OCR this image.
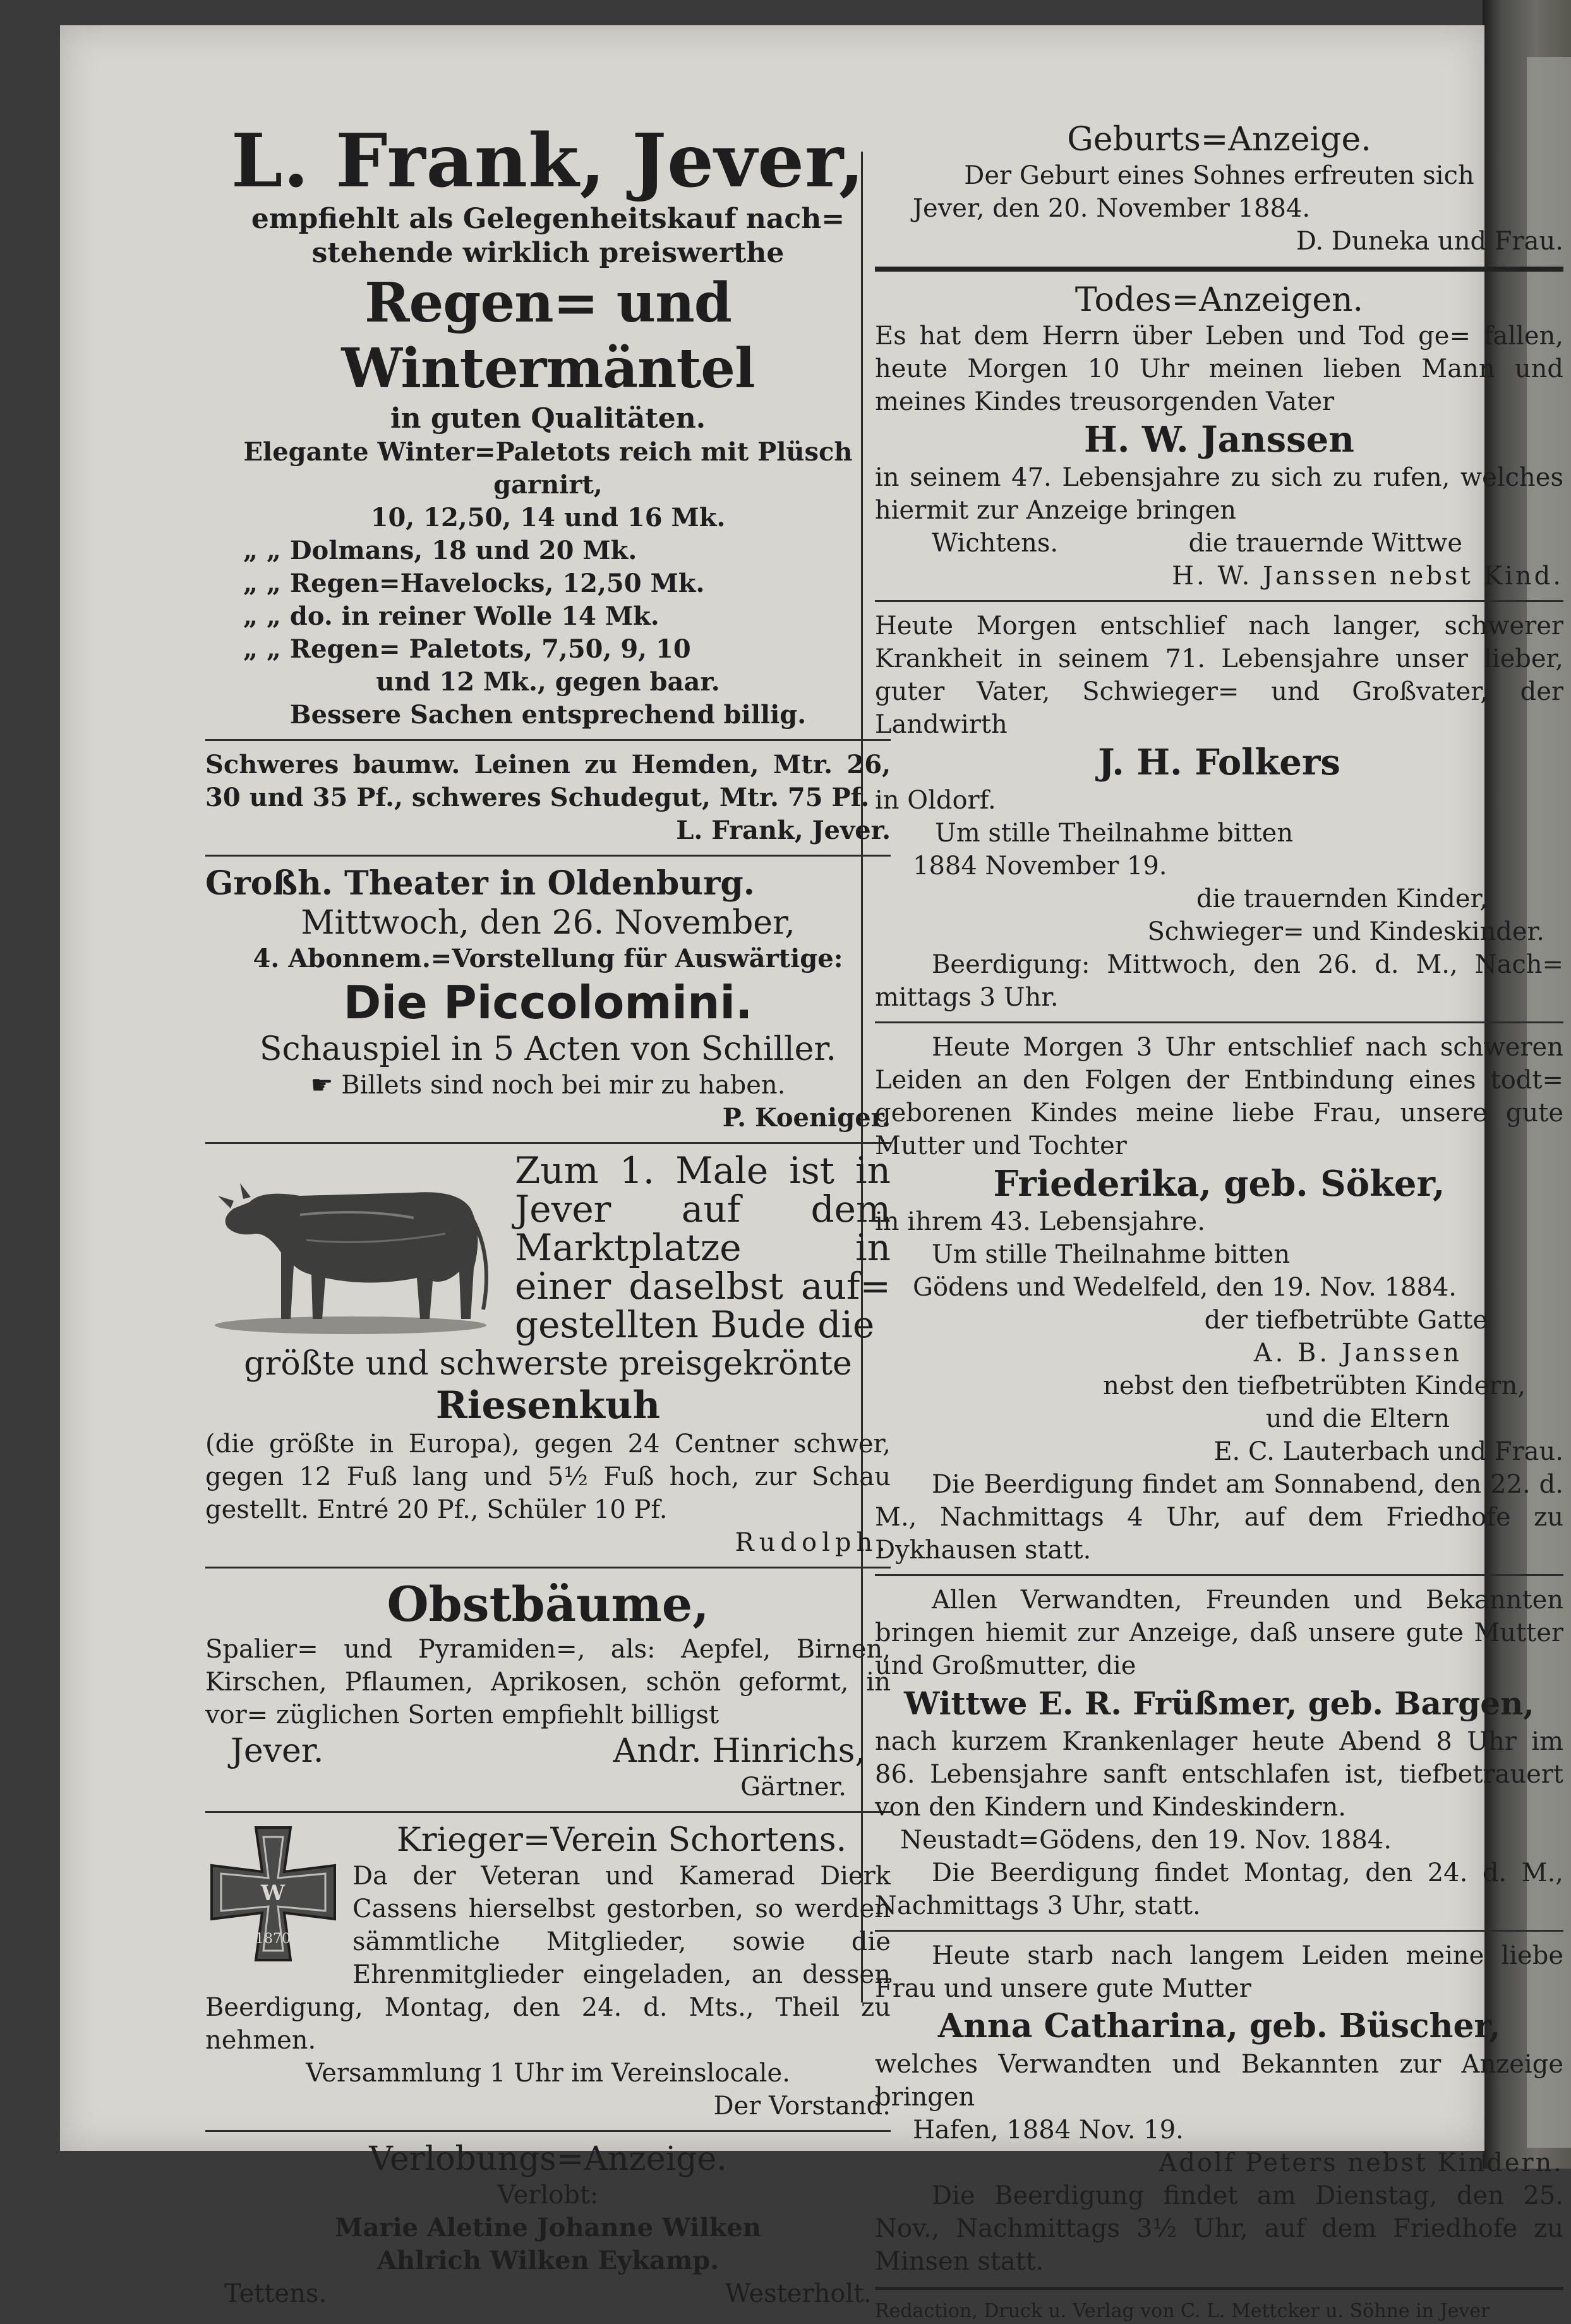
L. Frank, Jever,

empfiehlt als Gelegenheitskauf nach=

stehende wirklich preiswerthe

Regen= und Wintermäntel

in guten Qualitäten.

Elegante Winter=Paletots reich mit Plüsch garnirt,

10, 12,50, 14 und 16 Mk.

„ „ Dolmans, 18 und 20 Mk.

„ „ Regen=Havelocks, 12,50 Mk.

„ „ do. in reiner Wolle 14 Mk.

„ „ Regen= Paletots, 7,50, 9, 10

und 12 Mk., gegen baar.

Bessere Sachen entsprechend billig.

Schweres baumw. Leinen zu Hemden, Mtr. 26, 30 und 35 Pf., schweres Schudegut, Mtr. 75 Pf.

L. Frank, Jever.

Großh. Theater in Oldenburg.

Mittwoch, den 26. November,

4. Abonnem.=Vorstellung für Auswärtige:

Die Piccolomini.

Schauspiel in 5 Acten von Schiller.

☛ Billets sind noch bei mir zu haben.

P. Koeniger.

Zum 1. Male ist in Jever auf dem Marktplatze in einer daselbst auf= gestellten Bude die

größte und schwerste preisgekrönte

Riesenkuh

(die größte in Europa), gegen 24 Centner schwer, gegen 12 Fuß lang und 5½ Fuß hoch, zur Schau gestellt. Entré 20 Pf., Schüler 10 Pf.

Rudolph.

Obstbäume,

Spalier= und Pyramiden=, als: Aepfel, Birnen, Kirschen, Pflaumen, Aprikosen, schön geformt, in vor= züglichen Sorten empfiehlt billigst

Jever.	Andr. Hinrichs,

Gärtner.

W
1870

Krieger=Verein Schortens.

Da der Veteran und Kamerad Dierk Cassens hierselbst gestorben, so werden sämmtliche Mitglieder, sowie die Ehrenmitglieder eingeladen, an dessen Beerdigung, Montag, den 24. d. Mts., Theil zu nehmen.

Versammlung 1 Uhr im Vereinslocale.

Der Vorstand.

Verlobungs=Anzeige.

Verlobt:

Marie Aletine Johanne Wilken

Ahlrich Wilken Eykamp.

Tettens.	Westerholt.

Geburts=Anzeige.

Der Geburt eines Sohnes erfreuten sich

Jever, den 20. November 1884.

D. Duneka und Frau.

Todes=Anzeigen.

Es hat dem Herrn über Leben und Tod ge= fallen, heute Morgen 10 Uhr meinen lieben Mann und meines Kindes treusorgenden Vater

H. W. Janssen

in seinem 47. Lebensjahre zu sich zu rufen, welches hiermit zur Anzeige bringen

Wichtens.	die trauernde Wittwe

H. W. Janssen nebst Kind.

Heute Morgen entschlief nach langer, schwerer Krankheit in seinem 71. Lebensjahre unser lieber, guter Vater, Schwieger= und Großvater, der Landwirth

J. H. Folkers

in Oldorf.

Um stille Theilnahme bitten

1884 November 19.

die trauernden Kinder,

Schwieger= und Kindeskinder.

Beerdigung: Mittwoch, den 26. d. M., Nach= mittags 3 Uhr.

Heute Morgen 3 Uhr entschlief nach schweren Leiden an den Folgen der Entbindung eines todt= geborenen Kindes meine liebe Frau, unsere gute Mutter und Tochter

Friederika, geb. Söker,

in ihrem 43. Lebensjahre.

Um stille Theilnahme bitten

Gödens und Wedelfeld, den 19. Nov. 1884.

der tiefbetrübte Gatte

A. B. Janssen

nebst den tiefbetrübten Kindern,

und die Eltern

E. C. Lauterbach und Frau.

Die Beerdigung findet am Sonnabend, den 22. d. M., Nachmittags 4 Uhr, auf dem Friedhofe zu Dykhausen statt.

Allen Verwandten, Freunden und Bekannten bringen hiemit zur Anzeige, daß unsere gute Mutter und Großmutter, die

Wittwe E. R. Früßmer, geb. Bargen,

nach kurzem Krankenlager heute Abend 8 Uhr im 86. Lebensjahre sanft entschlafen ist, tiefbetrauert von den Kindern und Kindeskindern.

Neustadt=Gödens, den 19. Nov. 1884.

Die Beerdigung findet Montag, den 24. d. M., Nachmittags 3 Uhr, statt.

Heute starb nach langem Leiden meine liebe Frau und unsere gute Mutter

Anna Catharina, geb. Büscher,

welches Verwandten und Bekannten zur Anzeige bringen

Hafen, 1884 Nov. 19.

Adolf Peters nebst Kindern.

Die Beerdigung findet am Dienstag, den 25. Nov., Nachmittags 3½ Uhr, auf dem Friedhofe zu Minsen statt.

Redaction, Druck u. Verlag von C. L. Mettcker u. Söhne in Jever
